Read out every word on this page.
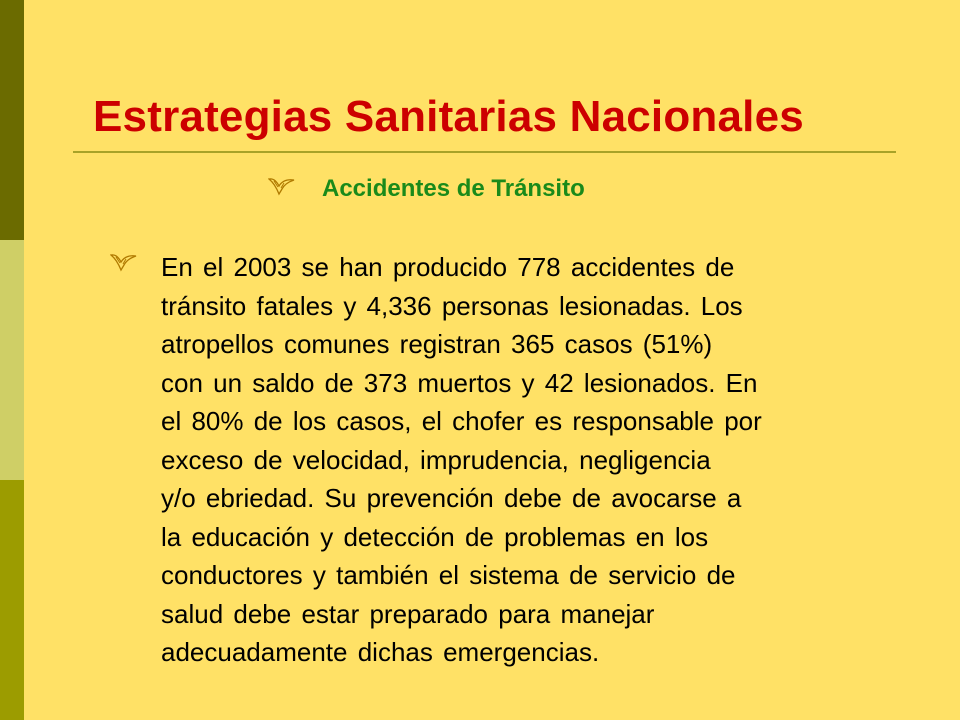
Estrategias Sanitarias Nacionales
Accidentes de Tránsito
En el 2003 se han producido 778 accidentes de
tránsito fatales y 4,336 personas lesionadas. Los
atropellos comunes registran 365 casos (51%)
con un saldo de 373 muertos y 42 lesionados. En
el 80% de los casos, el chofer es responsable por
exceso de velocidad, imprudencia, negligencia
y/o ebriedad. Su prevención debe de avocarse a
la educación y detección de problemas en los
conductores y también el sistema de servicio de
salud debe estar preparado para manejar
adecuadamente dichas emergencias.
